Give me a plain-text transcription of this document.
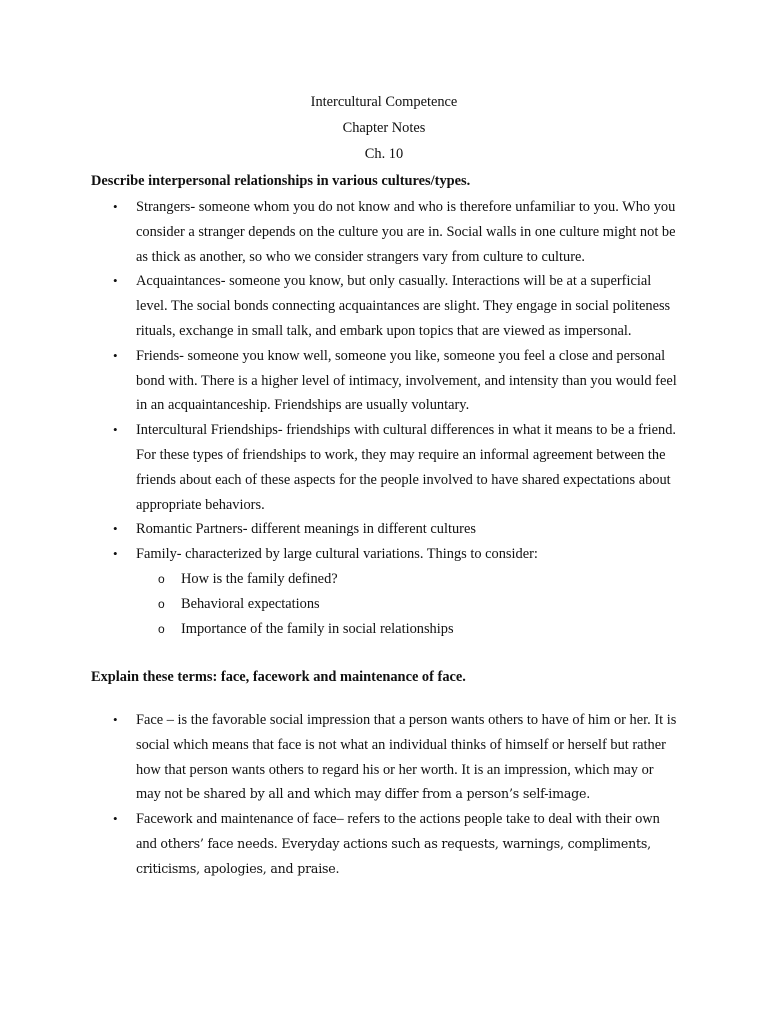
Intercultural Competence

Chapter Notes

Ch. 10

Describe interpersonal relationships in various cultures/types.

• Strangers- someone whom you do not know and who is therefore unfamiliar to you. Who you consider a stranger depends on the culture you are in. Social walls in one culture might not be as thick as another, so who we consider strangers vary from culture to culture.
• Acquaintances- someone you know, but only casually. Interactions will be at a superficial level. The social bonds connecting acquaintances are slight. They engage in social politeness rituals, exchange in small talk, and embark upon topics that are viewed as impersonal.
• Friends- someone you know well, someone you like, someone you feel a close and personal bond with. There is a higher level of intimacy, involvement, and intensity than you would feel in an acquaintanceship. Friendships are usually voluntary.
• Intercultural Friendships- friendships with cultural differences in what it means to be a friend. For these types of friendships to work, they may require an informal agreement between the friends about each of these aspects for the people involved to have shared expectations about appropriate behaviors.
• Romantic Partners- different meanings in different cultures
• Family- characterized by large cultural variations. Things to consider:
o How is the family defined?
o Behavioral expectations
o Importance of the family in social relationships

Explain these terms: face, facework and maintenance of face.

• Face – is the favorable social impression that a person wants others to have of him or her. It is social which means that face is not what an individual thinks of himself or herself but rather how that person wants others to regard his or her worth. It is an impression, which may or may not be shared by all and which may differ from a person’s self-image.
• Facework and maintenance of face– refers to the actions people take to deal with their own and others’ face needs. Everyday actions such as requests, warnings, compliments, criticisms, apologies, and praise.
